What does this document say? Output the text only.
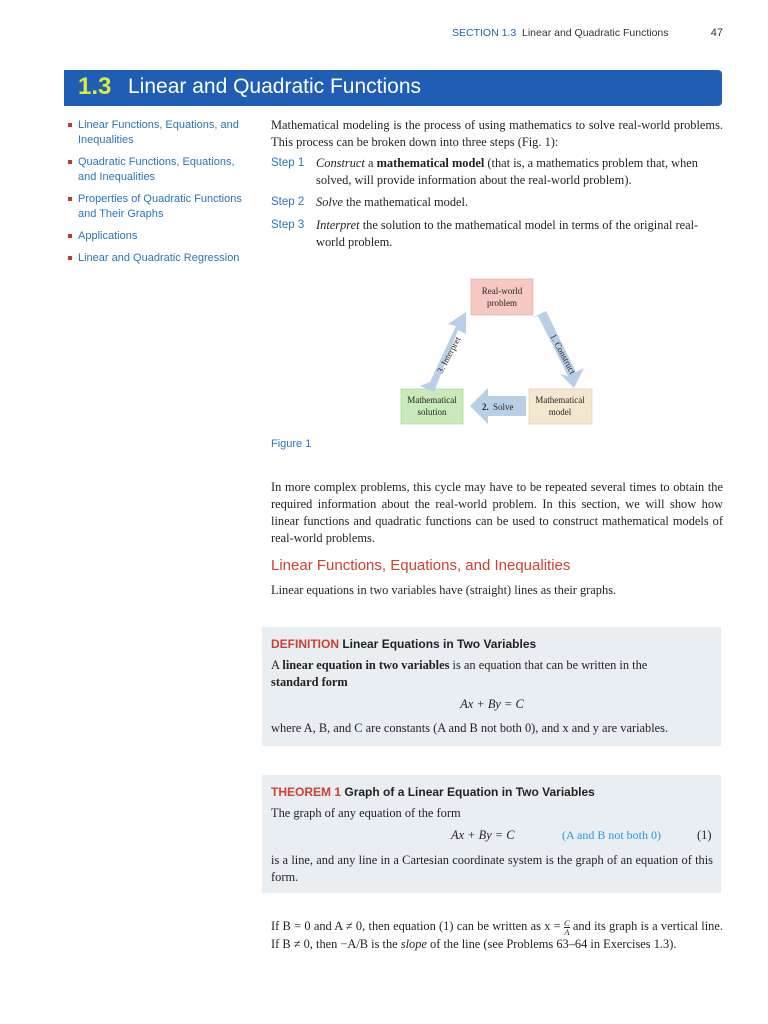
SECTION 1.3 Linear and Quadratic Functions	47
1.3 Linear and Quadratic Functions
Linear Functions, Equations, and Inequalities
Quadratic Functions, Equations, and Inequalities
Properties of Quadratic Functions and Their Graphs
Applications
Linear and Quadratic Regression
Mathematical modeling is the process of using mathematics to solve real-world problems. This process can be broken down into three steps (Fig. 1):
Step 1 Construct a mathematical model (that is, a mathematics problem that, when solved, will provide information about the real-world problem).
Step 2 Solve the mathematical model.
Step 3 Interpret the solution to the mathematical model in terms of the original real-world problem.
Real-world
problem
Mathematical
model
Mathematical
solution
1. Construct
2. Solve
3. Interpret
Figure 1
In more complex problems, this cycle may have to be repeated several times to obtain the required information about the real-world problem. In this section, we will show how linear functions and quadratic functions can be used to construct mathematical models of real-world problems.
Linear Functions, Equations, and Inequalities
Linear equations in two variables have (straight) lines as their graphs.
DEFINITION Linear Equations in Two Variables
A linear equation in two variables is an equation that can be written in the
standard form
Ax + By = C
where A, B, and C are constants (A and B not both 0), and x and y are variables.
THEOREM 1 Graph of a Linear Equation in Two Variables
The graph of any equation of the form
Ax + By = C	(A and B not both 0)	(1)
is a line, and any line in a Cartesian coordinate system is the graph of an equation of this form.
If B = 0 and A ≠ 0, then equation (1) can be written as $x = \frac{C}{A}$ and its graph is a vertical line. If B ≠ 0, then −A/B is the slope of the line (see Problems 63–64 in Exercises 1.3).
